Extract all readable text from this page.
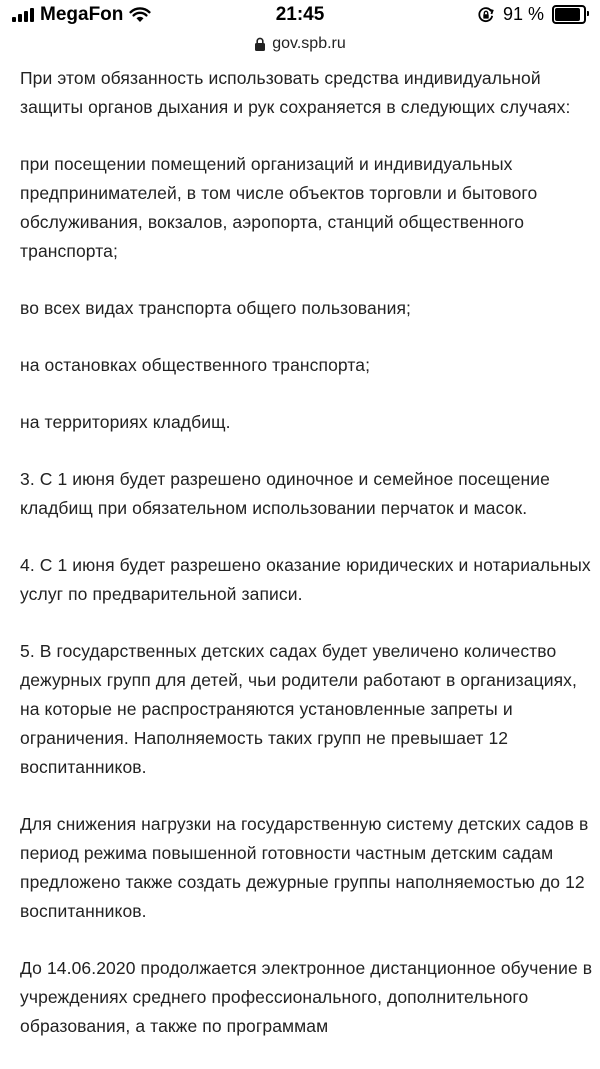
MegaFon	21:45	91 %
gov.spb.ru

При этом обязанность использовать средства индивидуальной защиты органов дыхания и рук сохраняется в следующих случаях:

при посещении помещений организаций и индивидуальных предпринимателей, в том числе объектов торговли и бытового обслуживания, вокзалов, аэропорта, станций общественного транспорта;

во всех видах транспорта общего пользования;

на остановках общественного транспорта;

на территориях кладбищ.

3. С 1 июня будет разрешено одиночное и семейное посещение кладбищ при обязательном использовании перчаток и масок.

4. С 1 июня будет разрешено оказание юридических и нотариальных услуг по предварительной записи.

5. В государственных детских садах будет увеличено количество дежурных групп для детей, чьи родители работают в организациях, на которые не распространяются установленные запреты и ограничения. Наполняемость таких групп не превышает 12 воспитанников.

Для снижения нагрузки на государственную систему детских садов в период режима повышенной готовности частным детским садам предложено также создать дежурные группы наполняемостью до 12 воспитанников.

До 14.06.2020 продолжается электронное дистанционное обучение в учреждениях среднего профессионального, дополнительного образования, а также по программам
